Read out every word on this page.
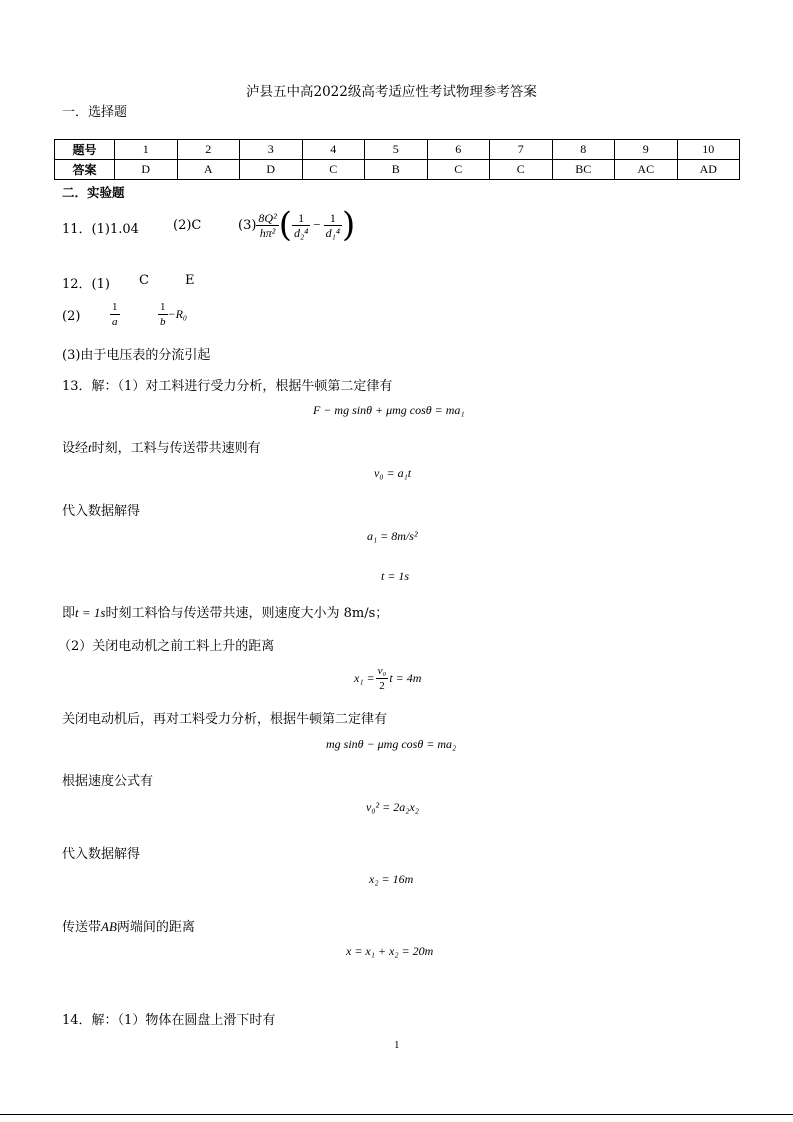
泸县五中高2022级高考适应性考试物理参考答案
一．选择题
题号	1	2	3	4	5	6	7	8	9	10
答案	D	A	D	C	B	C	C	BC	AC	AD
二．实验题
11．(1)1.04	(2)C	$(3) \frac{\text{8Q²}}{\text{hπ²}}$ ( $\frac{1}{\text{d₂⁴}} - \frac{1}{\text{d₁⁴}}$ )
12．(1) C	E
(2)	$\frac{1}{a}$	$\frac{1}{b} -R_0$
(3)由于电压表的分流引起
13．解：（1）对工料进行受力分析，根据牛顿第二定律有
F − mg sinθ + μmg cosθ = ma₁
设经t时刻，工料与传送带共速则有
v₀ = a₁t
代入数据解得
a₁ = 8m/s²
t = 1s
即t = 1s时刻工料恰与传送带共速，则速度大小为 8m/s；
（2）关闭电动机之前工料上升的距离
$x_1 = \frac{\text{v₀}}{2}$ t = 4m
关闭电动机后，再对工料受力分析，根据牛顿第二定律有
mg sinθ − μmg cosθ = ma₂
根据速度公式有
v₀² = 2a₂x₂
代入数据解得
x₂ = 16m
传送带AB两端间的距离
x = x₁ + x₂ = 20m
14．解：（1）物体在圆盘上滑下时有
1
